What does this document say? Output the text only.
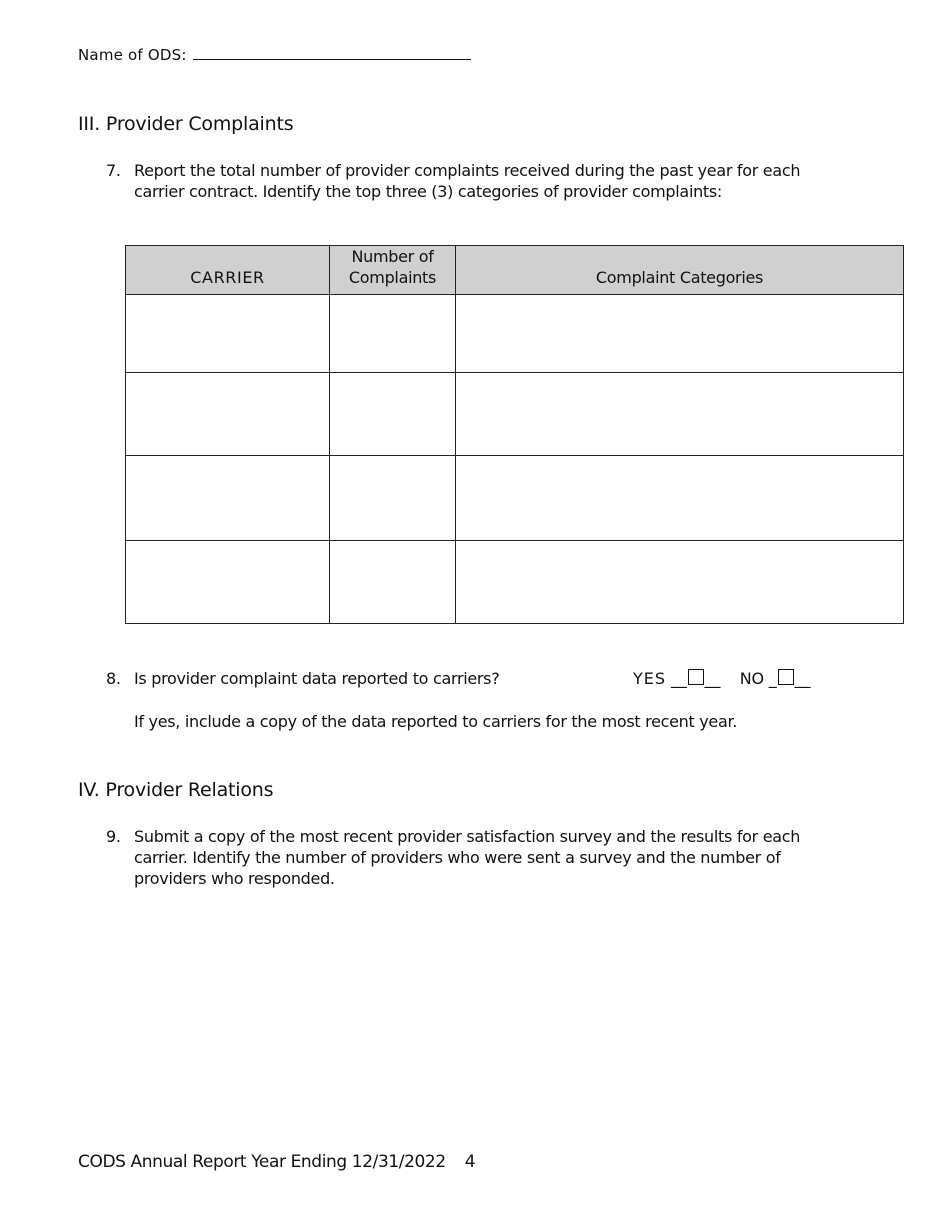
Name of ODS:
III. Provider Complaints
7. Report the total number of provider complaints received during the past year for each carrier contract. Identify the top three (3) categories of provider complaints:
CARRIER	Number of Complaints	Complaint Categories

8. Is provider complaint data reported to carriers?	YES __ __ NO _ __
If yes, include a copy of the data reported to carriers for the most recent year.
IV. Provider Relations
9. Submit a copy of the most recent provider satisfaction survey and the results for each carrier. Identify the number of providers who were sent a survey and the number of providers who responded.
CODS Annual Report Year Ending 12/31/2022 4
